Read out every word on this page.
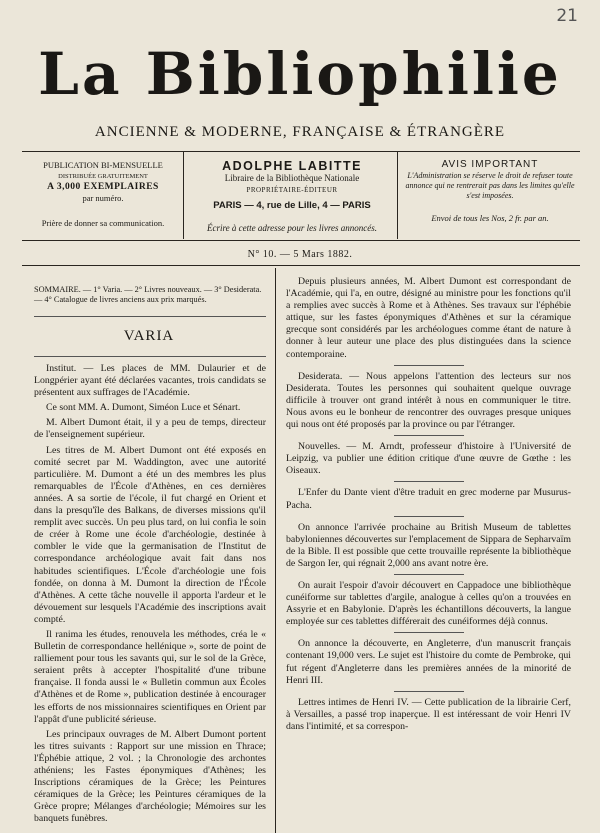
21
La Bibliophilie
ANCIENNE & MODERNE, FRANÇAISE & ÉTRANGÈRE
PUBLICATION BI-MENSUELLE
DISTRIBUÉE GRATUITEMENT
A 3,000 EXEMPLAIRES
par numéro.
Prière de donner sa communication.
ADOLPHE LABITTE
Libraire de la Bibliothèque Nationale
PROPRIÉTAIRE-ÉDITEUR
PARIS — 4, rue de Lille, 4 — PARIS
Écrire à cette adresse pour les livres annoncés.
AVIS IMPORTANT
L'Administration se réserve le droit de refuser toute annonce qui ne rentrerait pas dans les limites qu'elle s'est imposées.
Envoi de tous les Nos, 2 fr. par an.
N° 10. — 5 Mars 1882.
SOMMAIRE. — 1° Varia. — 2° Livres nouveaux. — 3° Desiderata. — 4° Catalogue de livres anciens aux prix marqués.
VARIA

Institut. — Les places de MM. Dulaurier et de Longpérier ayant été déclarées vacantes, trois candidats se présentent aux suffrages de l'Académie.

Ce sont MM. A. Dumont, Siméon Luce et Sénart.

M. Albert Dumont était, il y a peu de temps, directeur de l'enseignement supérieur.

Les titres de M. Albert Dumont ont été exposés en comité secret par M. Waddington, avec une autorité particulière. M. Dumont a été un des membres les plus remarquables de l'École d'Athènes, en ces dernières années. A sa sortie de l'école, il fut chargé en Orient et dans la presqu'île des Balkans, de diverses missions qu'il remplit avec succès. Un peu plus tard, on lui confia le soin de créer à Rome une école d'archéologie, destinée à combler le vide que la germanisation de l'Institut de correspondance archéologique avait fait dans nos habitudes scientifiques. L'École d'archéologie une fois fondée, on donna à M. Dumont la direction de l'École d'Athènes. A cette tâche nouvelle il apporta l'ardeur et le dévouement sur lesquels l'Académie des inscriptions avait compté.

Il ranima les études, renouvela les méthodes, créa le « Bulletin de correspondance hellénique », sorte de point de ralliement pour tous les savants qui, sur le sol de la Grèce, seraient prêts à accepter l'hospitalité d'une tribune française. Il fonda aussi le « Bulletin commun aux Écoles d'Athènes et de Rome », publication destinée à encourager les efforts de nos missionnaires scientifiques en Orient par l'appât d'une publicité sérieuse.

Les principaux ouvrages de M. Albert Dumont portent les titres suivants : Rapport sur une mission en Thrace; l'Éphébie attique, 2 vol. ; la Chronologie des archontes athéniens; les Fastes éponymiques d'Athènes; les Inscriptions céramiques de la Grèce; les Peintures céramiques de la Grèce; les Peintures céramiques de la Grèce propre; Mélanges d'archéologie; Mémoires sur les banquets funèbres.

Depuis plusieurs années, M. Albert Dumont est correspondant de l'Académie, qui l'a, en outre, désigné au ministre pour les fonctions qu'il a remplies avec succès à Rome et à Athènes. Ses travaux sur l'éphébie attique, sur les fastes éponymiques d'Athènes et sur la céramique grecque sont considérés par les archéologues comme étant de nature à donner à leur auteur une place des plus distinguées dans la science contemporaine.

Desiderata. — Nous appelons l'attention des lecteurs sur nos Desiderata. Toutes les personnes qui souhaitent quelque ouvrage difficile à trouver ont grand intérêt à nous en communiquer le titre. Nous avons eu le bonheur de rencontrer des ouvrages presque uniques qui nous ont été proposés par la province ou par l'étranger.

Nouvelles. — M. Arndt, professeur d'histoire à l'Université de Leipzig, va publier une édition critique d'une œuvre de Gœthe : les Oiseaux.

L'Enfer du Dante vient d'être traduit en grec moderne par Musurus-Pacha.

On annonce l'arrivée prochaine au British Museum de tablettes babyloniennes découvertes sur l'emplacement de Sippara de Sepharvaïm de la Bible. Il est possible que cette trouvaille représente la bibliothèque de Sargon Ier, qui régnait 2,000 ans avant notre ère.

On aurait l'espoir d'avoir découvert en Cappadoce une bibliothèque cunéiforme sur tablettes d'argile, analogue à celles qu'on a trouvées en Assyrie et en Babylonie. D'après les échantillons découverts, la langue employée sur ces tablettes différerait des cunéiformes déjà connus.

On annonce la découverte, en Angleterre, d'un manuscrit français contenant 19,000 vers. Le sujet est l'histoire du comte de Pembroke, qui fut régent d'Angleterre dans les premières années de la minorité de Henri III.

Lettres intimes de Henri IV. — Cette publication de la librairie Cerf, à Versailles, a passé trop inaperçue. Il est intéressant de voir Henri IV dans l'intimité, et sa correspon-
